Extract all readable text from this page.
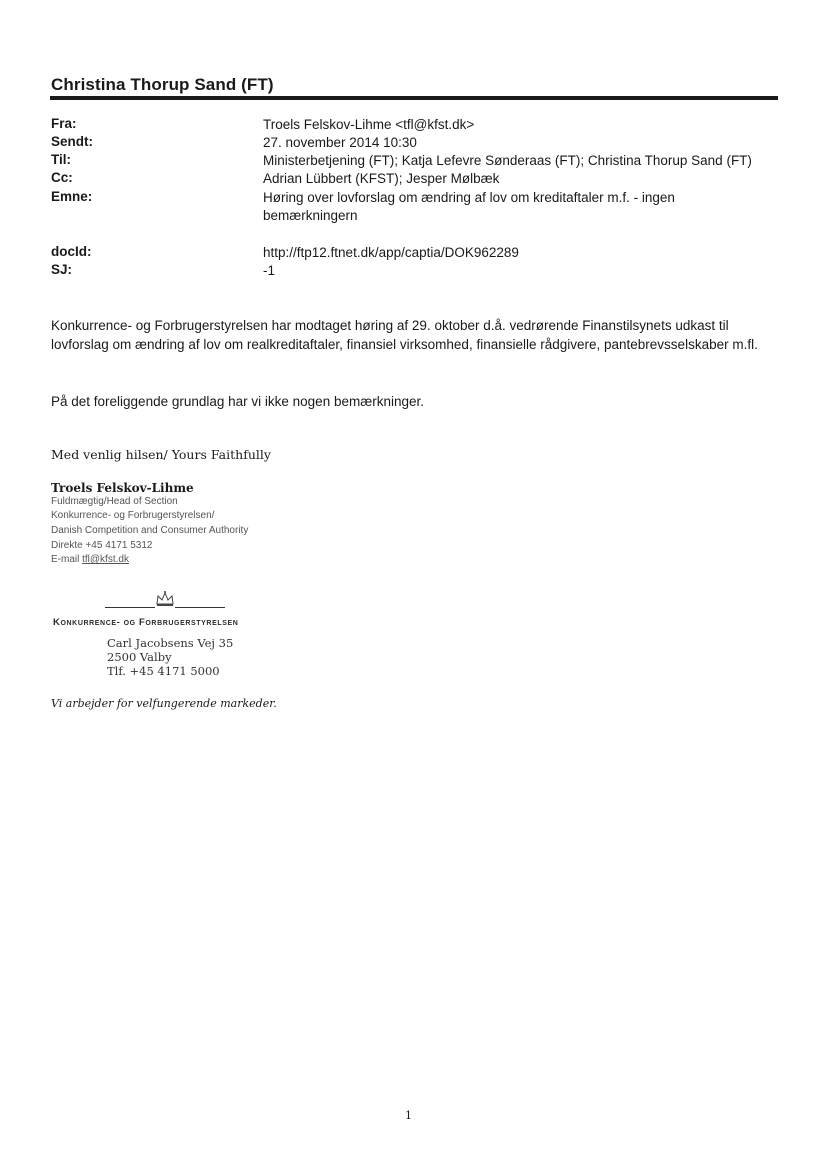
Christina Thorup Sand (FT)
Fra:	Troels Felskov-Lihme <tfl@kfst.dk>
Sendt:	27. november 2014 10:30
Til:	Ministerbetjening (FT); Katja Lefevre Sønderaas (FT); Christina Thorup Sand (FT)
Cc:	Adrian Lübbert (KFST); Jesper Mølbæk
Emne:	Høring over lovforslag om ændring af lov om kreditaftaler m.f. - ingen bemærkningern
docId:	http://ftp12.ftnet.dk/app/captia/DOK962289
SJ:	-1
Konkurrence- og Forbrugerstyrelsen har modtaget høring af 29. oktober d.å. vedrørende Finanstilsynets udkast til lovforslag om ændring af lov om realkreditaftaler, finansiel virksomhed, finansielle rådgivere, pantebrevsselskaber m.fl.
På det foreliggende grundlag har vi ikke nogen bemærkninger.
Med venlig hilsen/ Yours Faithfully
Troels Felskov-Lihme
Fuldmægtig/Head of Section
Konkurrence- og Forbrugerstyrelsen/
Danish Competition and Consumer Authority
Direkte +45 4171 5312
E-mail tfl@kfst.dk
Konkurrence- og Forbrugerstyrelsen
Carl Jacobsens Vej 35
2500 Valby
Tlf. +45 4171 5000
Vi arbejder for velfungerende markeder.
1
